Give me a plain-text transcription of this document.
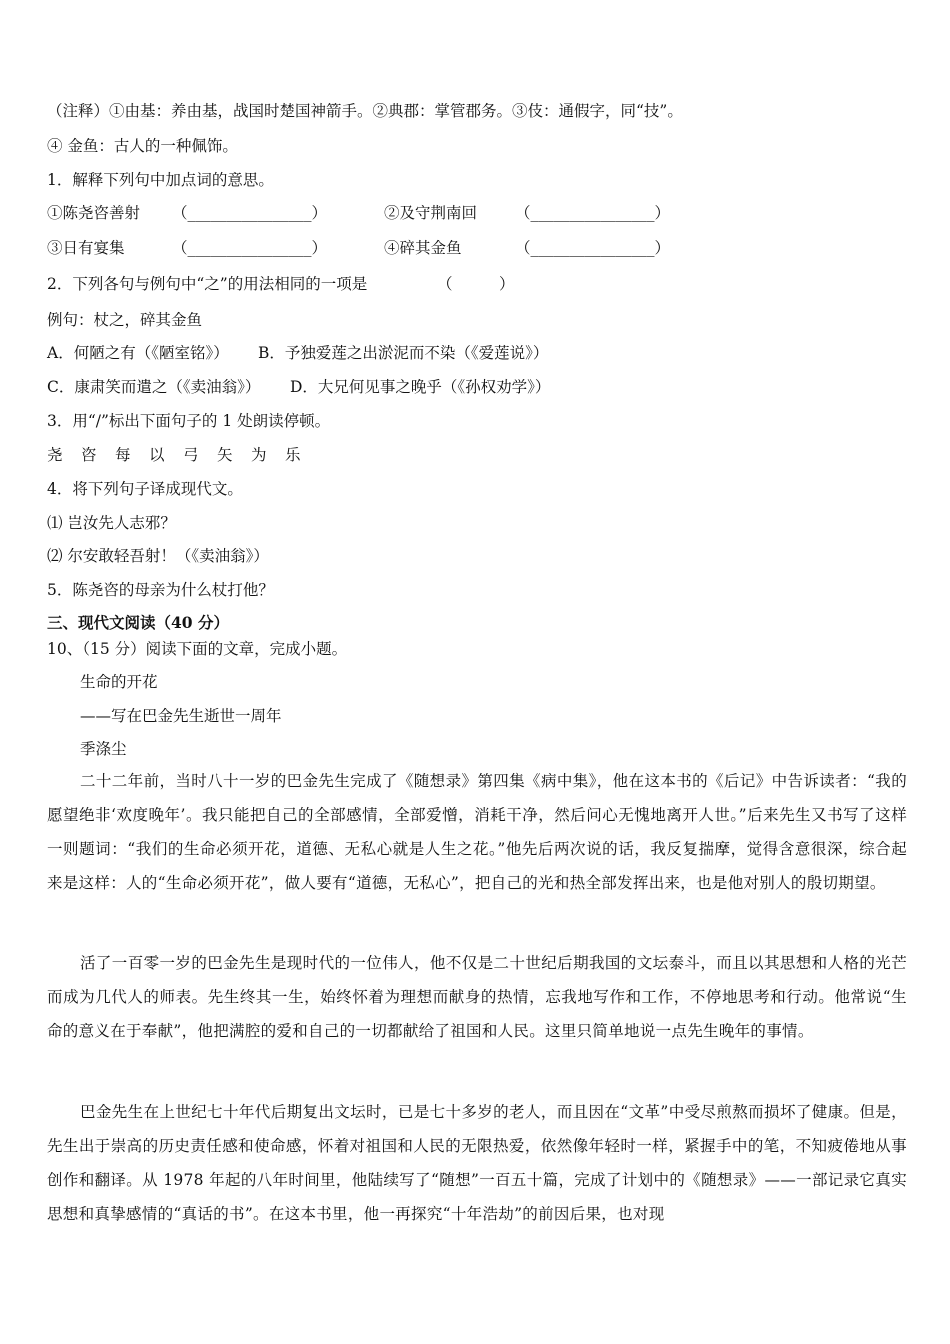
（注释）①由基：养由基，战国时楚国神箭手。②典郡：掌管郡务。③伎：通假字，同“技”。
④ 金鱼：古人的一种佩饰。
1．解释下列句中加点词的意思。
①陈尧咨善射 （________________）	②及守荆南回 （________________）
③日有宴集	（________________）	④碎其金鱼	（________________）
2．下列各句与例句中“之”的用法相同的一项是	（　　　）
例句：杖之，碎其金鱼
A．何陋之有（《陋室铭》） B．予独爱莲之出淤泥而不染（《爱莲说》）
C．康肃笑而遣之（《卖油翁》） D．大兄何见事之晚乎（《孙权劝学》）
3．用“/”标出下面句子的 1 处朗读停顿。
尧 咨 每 以 弓 矢 为 乐
4．将下列句子译成现代文。
⑴ 岂汝先人志邪？
⑵ 尔安敢轻吾射！（《卖油翁》）
5．陈尧咨的母亲为什么杖打他？
三、现代文阅读（40 分）
10、（15 分）阅读下面的文章，完成小题。
生命的开花
——写在巴金先生逝世一周年
季涤尘
二十二年前，当时八十一岁的巴金先生完成了《随想录》第四集《病中集》，他在这本书的《后记》中告诉读者：“我的愿望绝非‘欢度晚年’。我只能把自己的全部感情，全部爱憎，消耗干净，然后问心无愧地离开人世。”后来先生又书写了这样一则题词：“我们的生命必须开花，道德、无私心就是人生之花。”他先后两次说的话，我反复揣摩，觉得含意很深，综合起来是这样：人的“生命必须开花”，做人要有“道德，无私心”，把自己的光和热全部发挥出来，也是他对别人的殷切期望。
活了一百零一岁的巴金先生是现时代的一位伟人，他不仅是二十世纪后期我国的文坛泰斗，而且以其思想和人格的光芒而成为几代人的师表。先生终其一生，始终怀着为理想而献身的热情，忘我地写作和工作，不停地思考和行动。他常说“生命的意义在于奉献”，他把满腔的爱和自己的一切都献给了祖国和人民。这里只简单地说一点先生晚年的事情。
巴金先生在上世纪七十年代后期复出文坛时，已是七十多岁的老人，而且因在“文革”中受尽煎熬而损坏了健康。但是，先生出于崇高的历史责任感和使命感，怀着对祖国和人民的无限热爱，依然像年轻时一样，紧握手中的笔，不知疲倦地从事创作和翻译。从 1978 年起的八年时间里，他陆续写了“随想”一百五十篇，完成了计划中的《随想录》——一部记录它真实思想和真挚感情的“真话的书”。在这本书里，他一再探究“十年浩劫”的前因后果，也对现
